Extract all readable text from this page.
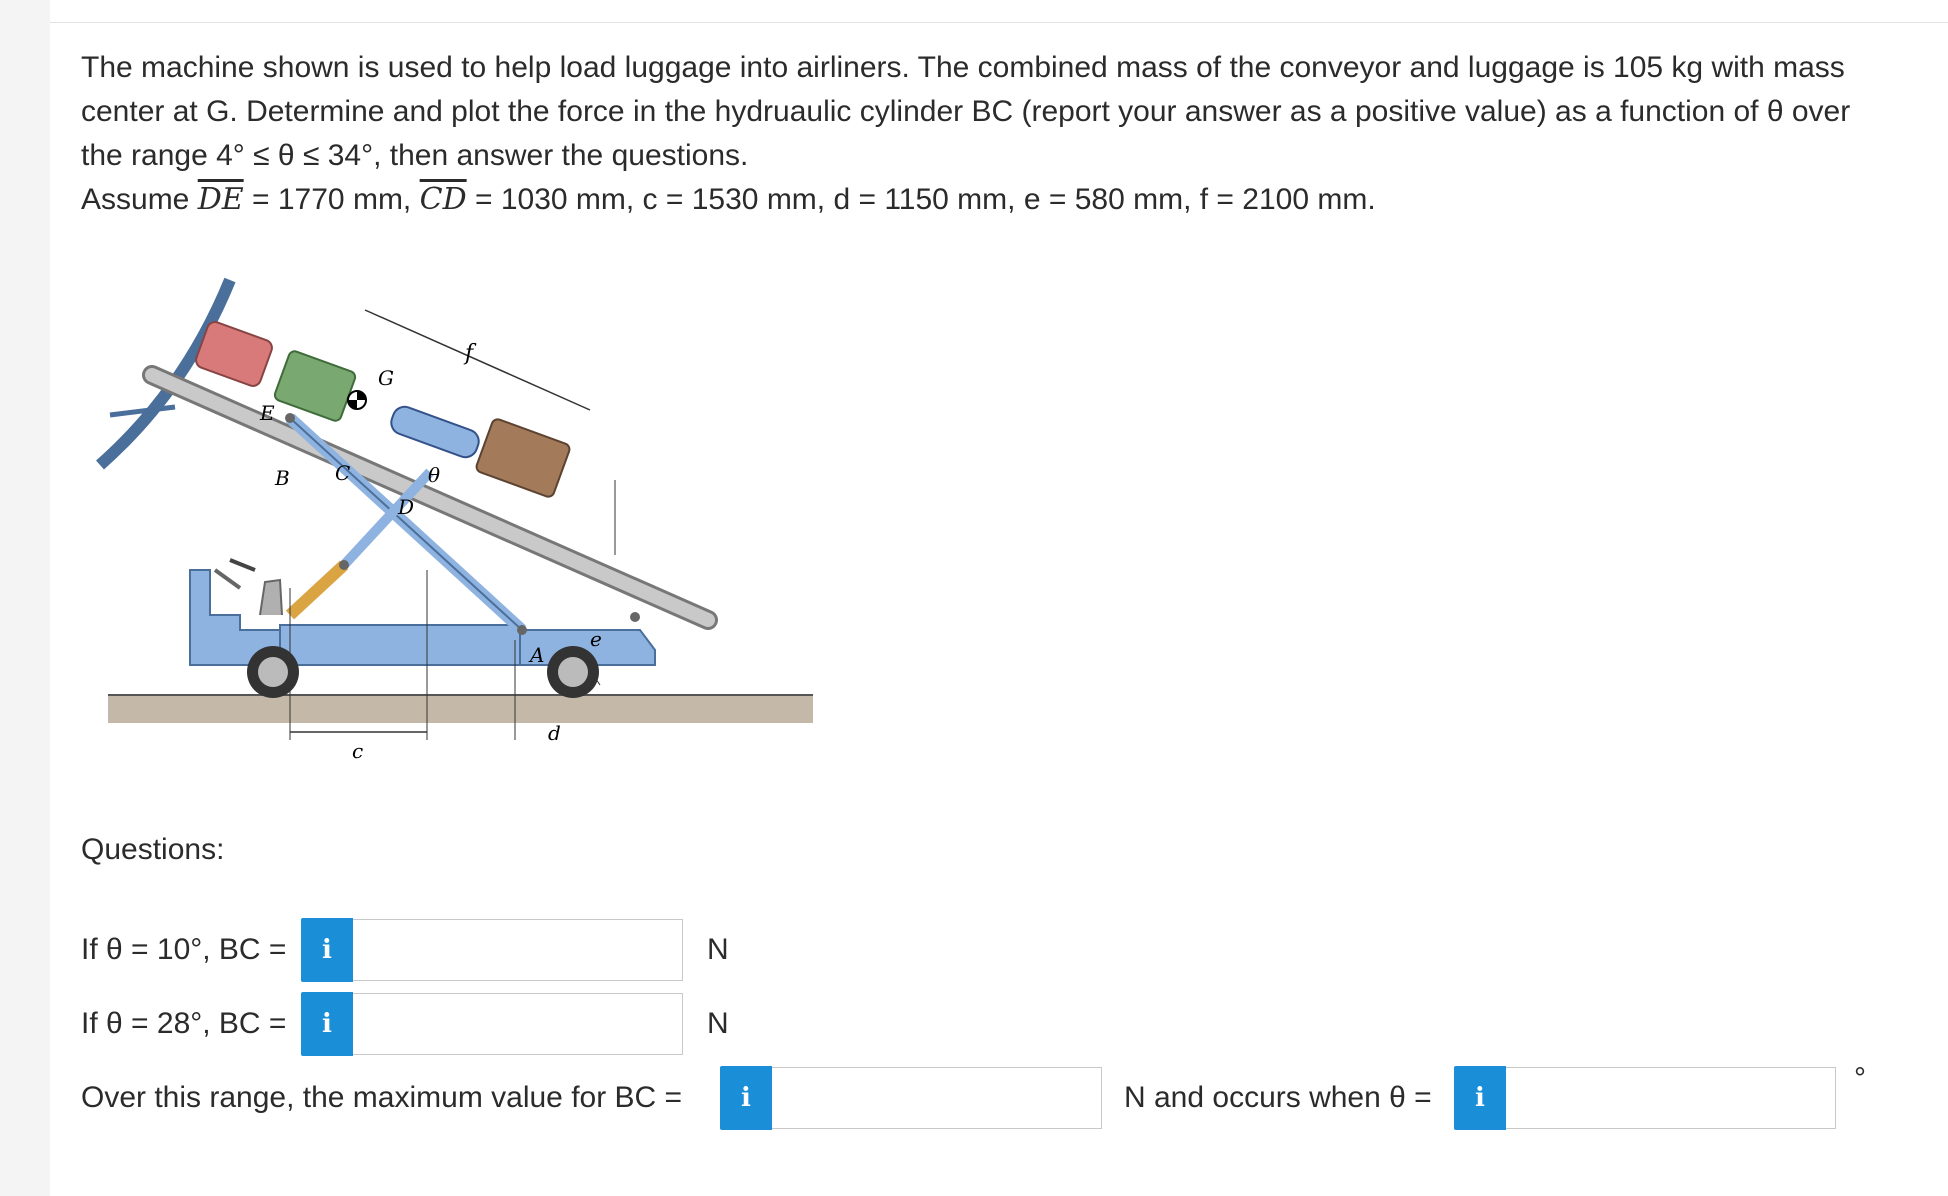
The machine shown is used to help load luggage into airliners. The combined mass of the conveyor and luggage is 105 kg with mass

center at G. Determine and plot the force in the hydruaulic cylinder BC (report your answer as a positive value) as a function of θ over

the range 4° ≤ θ ≤ 34°, then answer the questions.

Assume $\overline{DE} = 1770$ mm, $\overline{CD} = 1030$ mm, c = 1530 mm, d = 1150 mm, e = 580 mm, f = 2100 mm.

E
B C
D
G
A
θ
f
e
c
d
Questions:
If θ = 10°, BC =	i	N
If θ = 28°, BC =	i	N
Over this range, the maximum value for BC =	i	N and occurs when θ =	i
°
